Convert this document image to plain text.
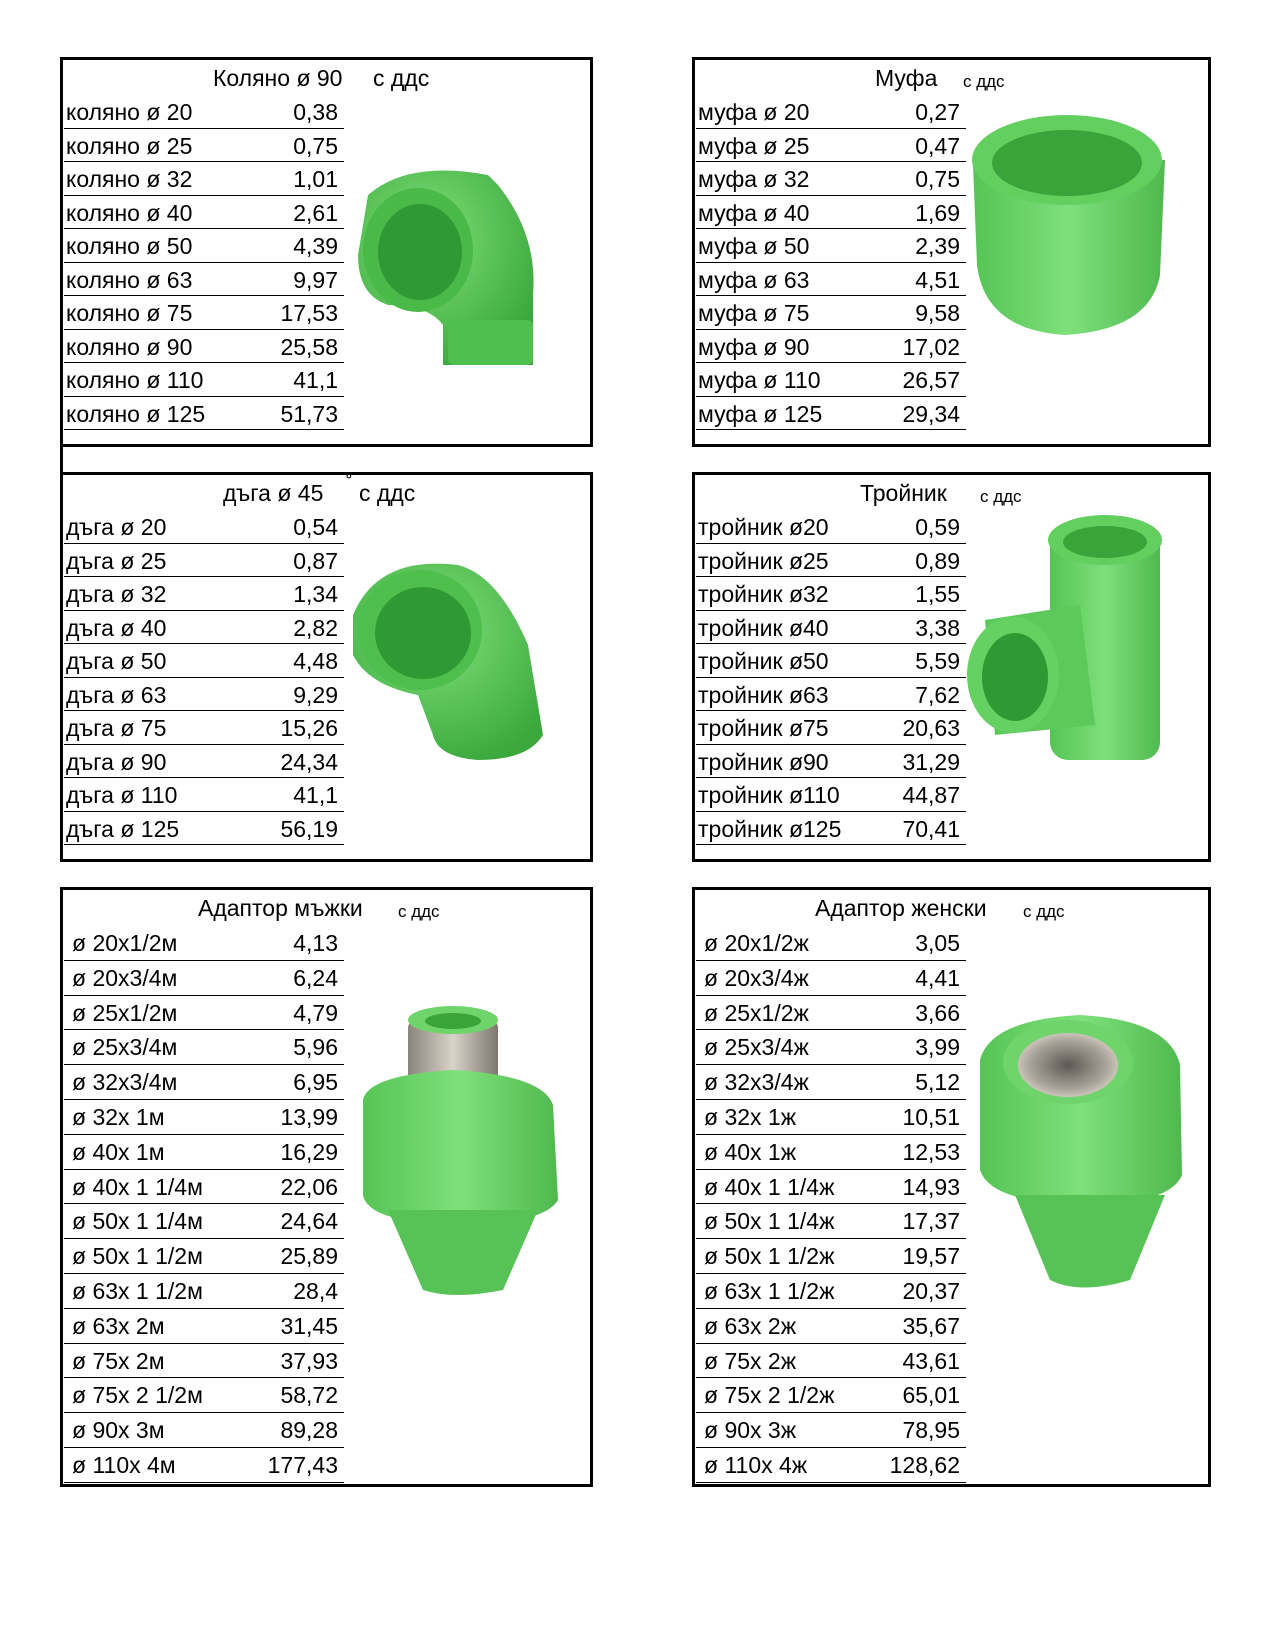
Коляно ø 90 с ддс
коляно ø 20	0,38
коляно ø 25	0,75
коляно ø 32	1,01
коляно ø 40	2,61
коляно ø 50	4,39
коляно ø 63	9,97
коляно ø 75	17,53
коляно ø 90	25,58
коляно ø 110	41,1
коляно ø 125	51,73
Муфа с ддс
муфа ø 20	0,27
муфа ø 25	0,47
муфа ø 32	0,75
муфа ø 40	1,69
муфа ø 50	2,39
муфа ø 63	4,51
муфа ø 75	9,58
муфа ø 90	17,02
муфа ø 110	26,57
муфа ø 125	29,34
дъга ø 45 ˚ с ддс
дъга ø 20	0,54
дъга ø 25	0,87
дъга ø 32	1,34
дъга ø 40	2,82
дъга ø 50	4,48
дъга ø 63	9,29
дъга ø 75	15,26
дъга ø 90	24,34
дъга ø 110	41,1
дъга ø 125	56,19
Тройник с ддс
тройник ø20	0,59
тройник ø25	0,89
тройник ø32	1,55
тройник ø40	3,38
тройник ø50	5,59
тройник ø63	7,62
тройник ø75	20,63
тройник ø90	31,29
тройник ø110	44,87
тройник ø125	70,41
Адаптор мъжки с ддс
ø 20х1/2м	4,13
ø 20х3/4м	6,24
ø 25х1/2м	4,79
ø 25х3/4м	5,96
ø 32х3/4м	6,95
ø 32х 1м	13,99
ø 40х 1м	16,29
ø 40х 1 1/4м	22,06
ø 50х 1 1/4м	24,64
ø 50х 1 1/2м	25,89
ø 63х 1 1/2м	28,4
ø 63х 2м	31,45
ø 75х 2м	37,93
ø 75х 2 1/2м	58,72
ø 90х 3м	89,28
ø 110х 4м	177,43
Адаптор женски с ддс
ø 20х1/2ж	3,05
ø 20х3/4ж	4,41
ø 25х1/2ж	3,66
ø 25х3/4ж	3,99
ø 32х3/4ж	5,12
ø 32х 1ж	10,51
ø 40х 1ж	12,53
ø 40х 1 1/4ж	14,93
ø 50х 1 1/4ж	17,37
ø 50х 1 1/2ж	19,57
ø 63х 1 1/2ж	20,37
ø 63х 2ж	35,67
ø 75х 2ж	43,61
ø 75х 2 1/2ж	65,01
ø 90х 3ж	78,95
ø 110х 4ж	128,62
